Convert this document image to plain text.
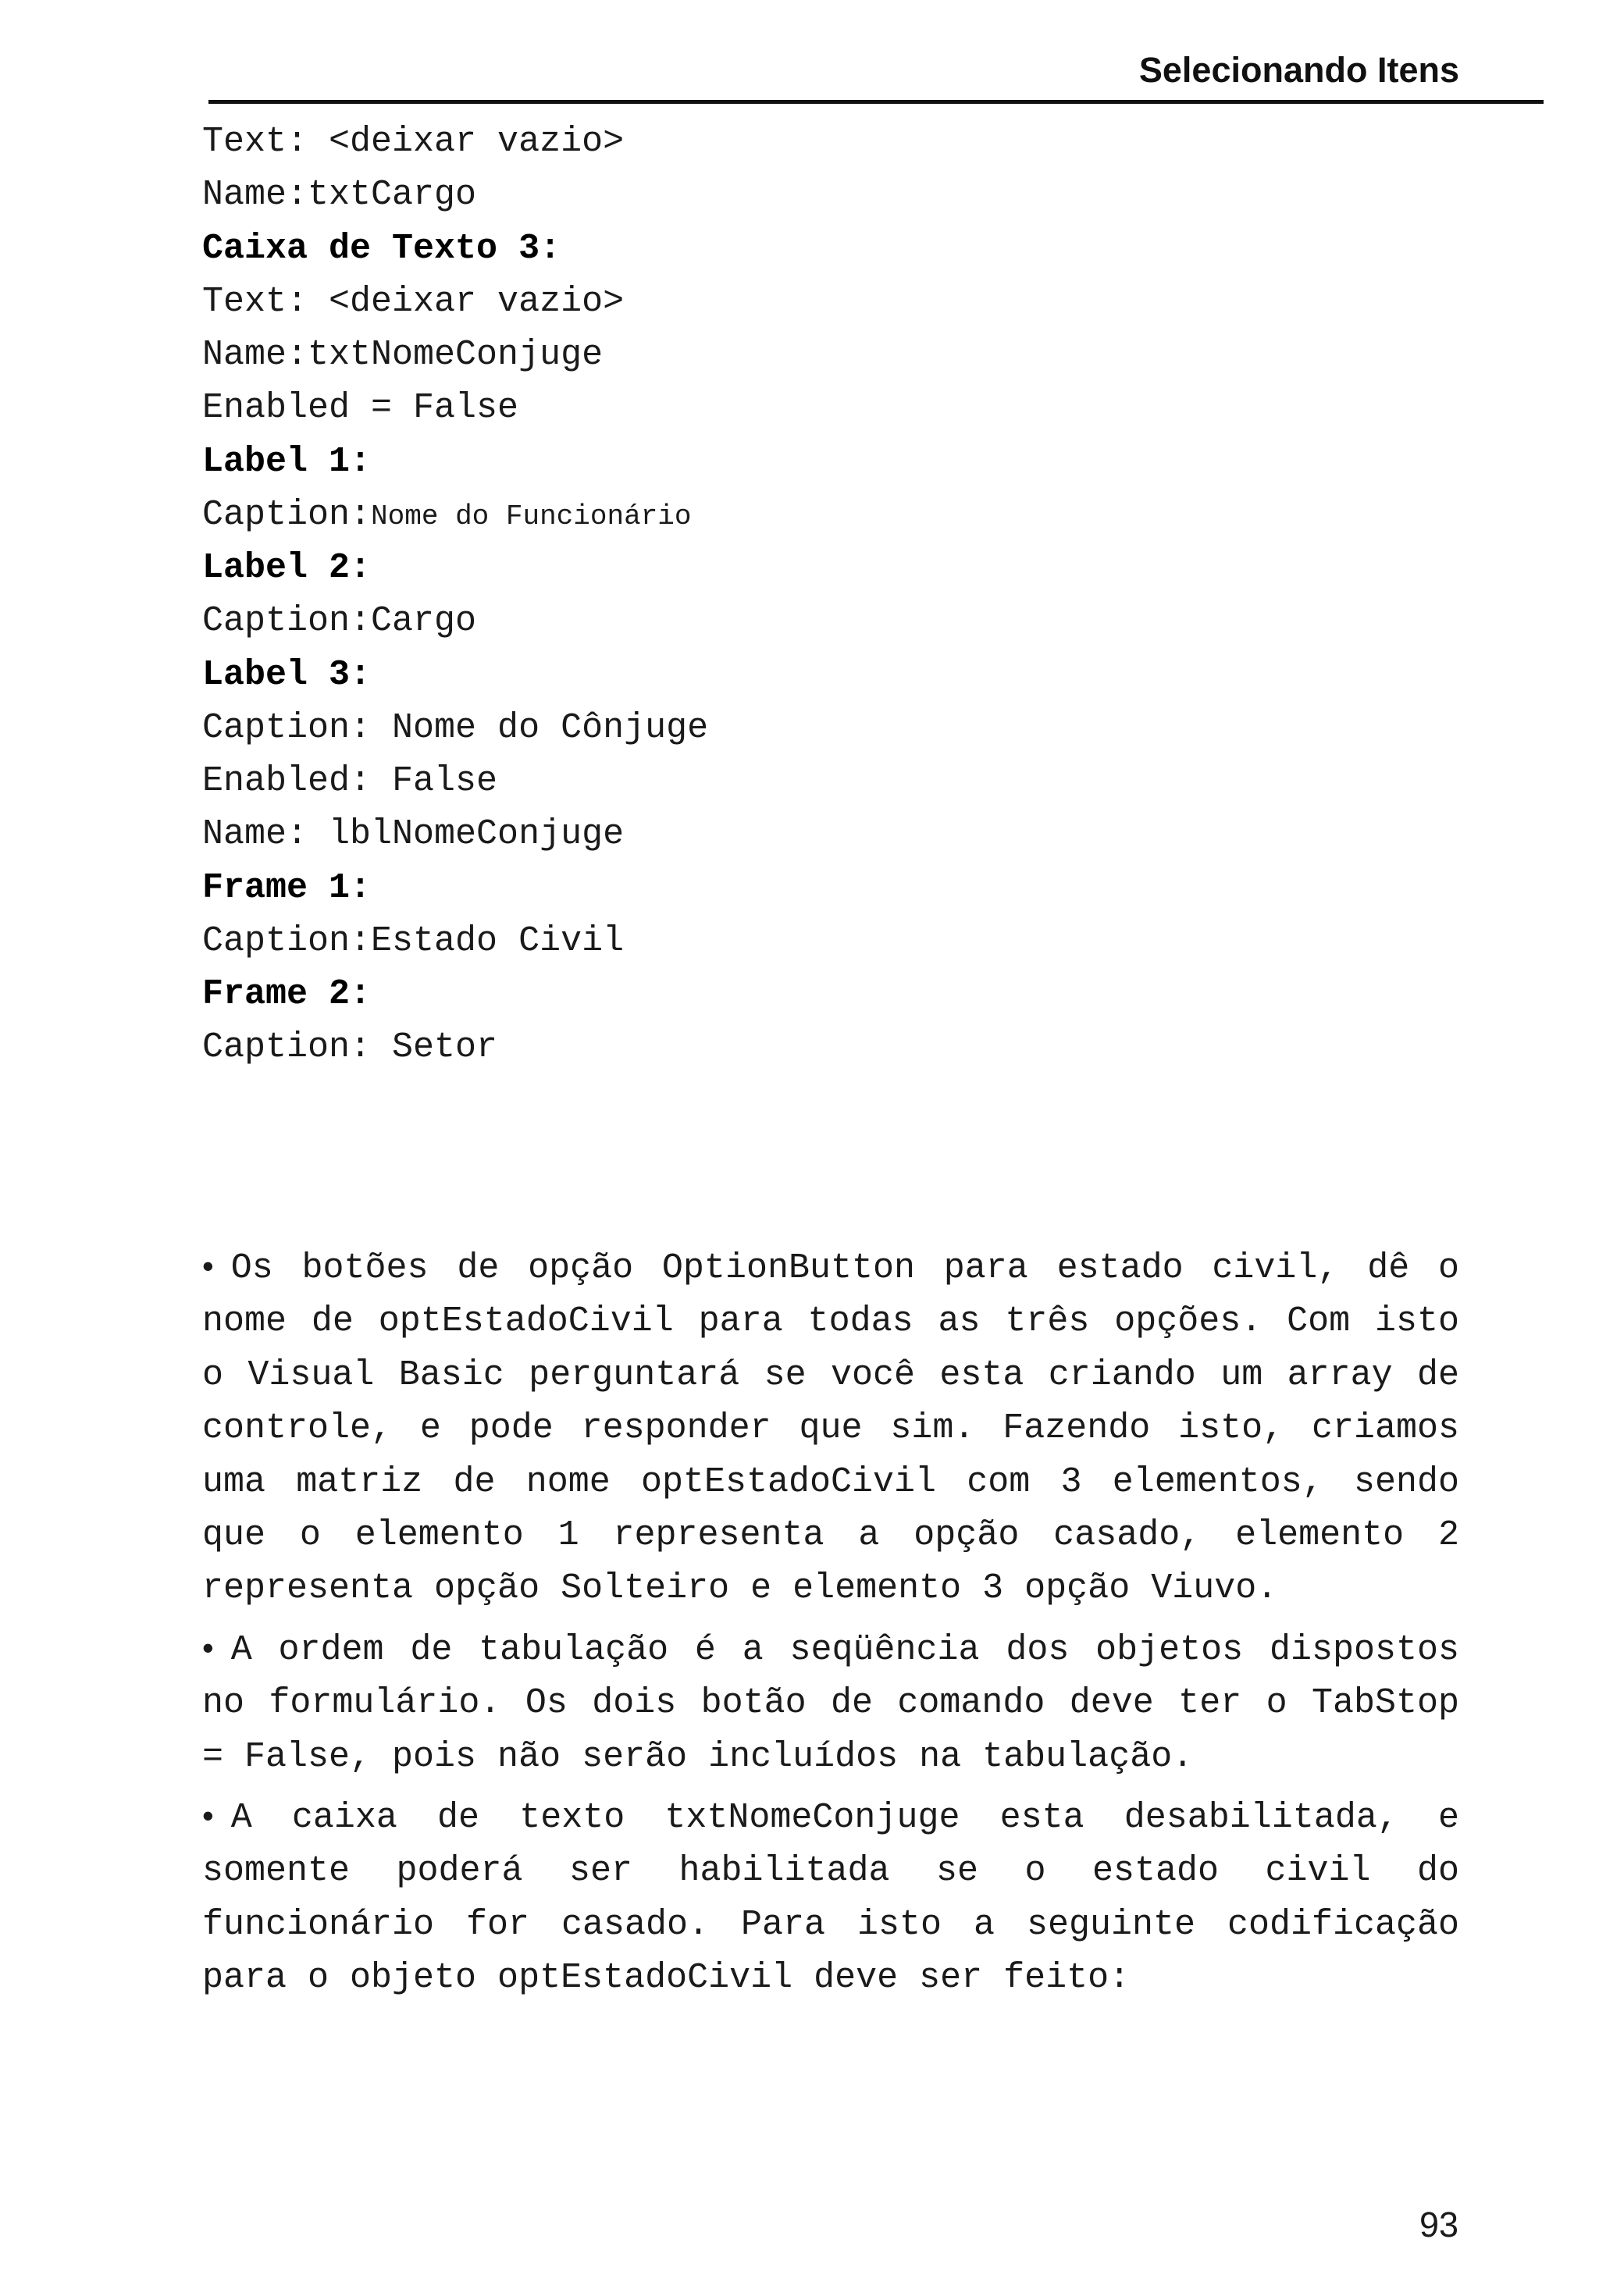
Selecionando Itens
Text: <deixar vazio>
Name:txtCargo
Caixa de Texto 3:
Text: <deixar vazio>
Name:txtNomeConjuge
Enabled = False
Label 1:
Caption:Nome do Funcionário
Label 2:
Caption:Cargo
Label 3:
Caption: Nome do Cônjuge
Enabled: False
Name: lblNomeConjuge
Frame 1:
Caption:Estado Civil
Frame 2:
Caption: Setor
• Os botões de opção OptionButton para estado civil, dê o nome de optEstadoCivil para todas as três opções. Com isto o Visual Basic perguntará se você esta criando um array de controle, e pode responder que sim. Fazendo isto, criamos uma matriz de nome optEstadoCivil com 3 elementos, sendo que o elemento 1 representa a opção casado, elemento 2 representa opção Solteiro e elemento 3 opção Viuvo.
• A ordem de tabulação é a seqüência dos objetos dispostos no formulário. Os dois botão de comando deve ter o TabStop = False, pois não serão incluídos na tabulação.
• A caixa de texto txtNomeConjuge esta desabilitada, e somente poderá ser habilitada se o estado civil do funcionário for casado. Para isto a seguinte codificação para o objeto optEstadoCivil deve ser feito:
93
